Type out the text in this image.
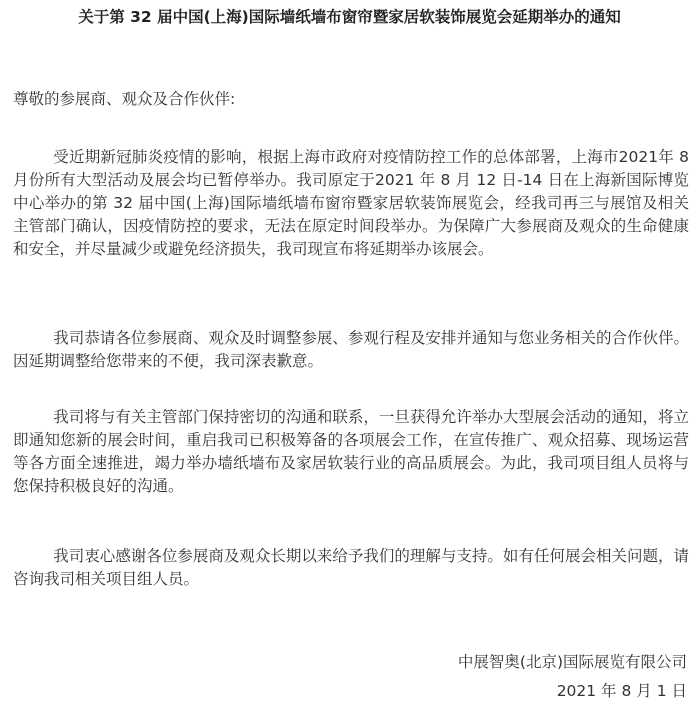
关于第 32 届中国(上海)国际墙纸墙布窗帘暨家居软装饰展览会延期举办的通知
尊敬的参展商、观众及合作伙伴:

受近期新冠肺炎疫情的影响，根据上海市政府对疫情防控工作的总体部署，上海市2021年 8 月份所有大型活动及展会均已暂停举办。我司原定于2021 年 8 月 12 日-14 日在上海新国际博览中心举办的第 32 届中国(上海)国际墙纸墙布窗帘暨家居软装饰展览会，经我司再三与展馆及相关主管部门确认，因疫情防控的要求，无法在原定时间段举办。为保障广大参展商及观众的生命健康和安全，并尽量减少或避免经济损失，我司现宣布将延期举办该展会。

我司恭请各位参展商、观众及时调整参展、参观行程及安排并通知与您业务相关的合作伙伴。因延期调整给您带来的不便，我司深表歉意。

我司将与有关主管部门保持密切的沟通和联系，一旦获得允许举办大型展会活动的通知，将立即通知您新的展会时间，重启我司已积极筹备的各项展会工作，在宣传推广、观众招募、现场运营等各方面全速推进，竭力举办墙纸墙布及家居软装行业的高品质展会。为此，我司项目组人员将与您保持积极良好的沟通。

我司衷心感谢各位参展商及观众长期以来给予我们的理解与支持。如有任何展会相关问题，请咨询我司相关项目组人员。

中展智奥(北京)国际展览有限公司
2021 年 8 月 1 日
